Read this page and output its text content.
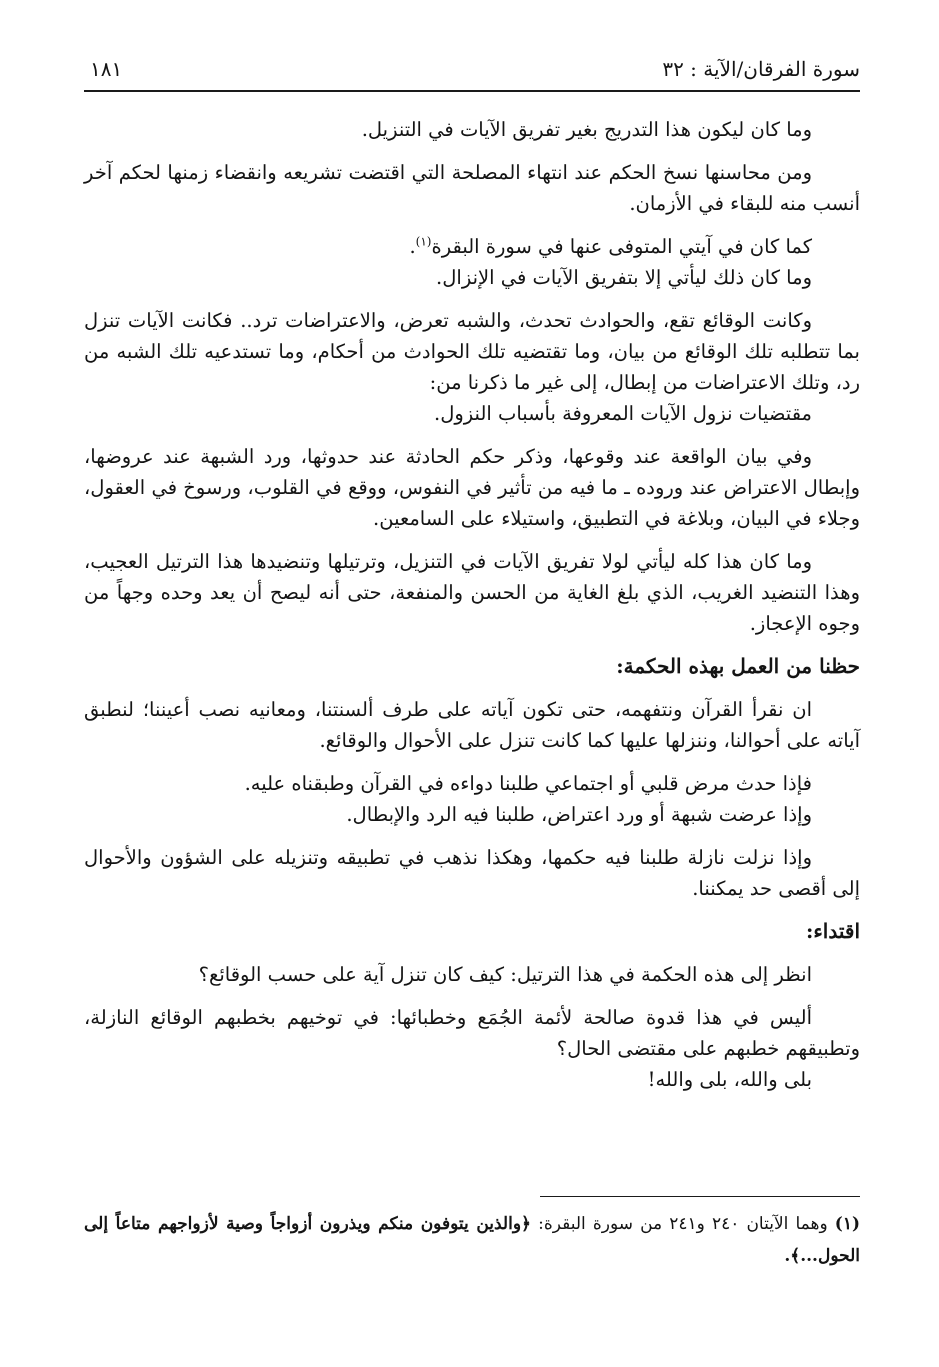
سورة الفرقان/الآية : ٣٢
١٨١

وما كان ليكون هذا التدريج بغير تفريق الآيات في التنزيل.

ومن محاسنها نسخ الحكم عند انتهاء المصلحة التي اقتضت تشريعه وانقضاء زمنها لحكم آخر أنسب منه للبقاء في الأزمان.

كما كان في آيتي المتوفى عنها في سورة البقرة$^{(١)}$.

وما كان ذلك ليأتي إلا بتفريق الآيات في الإنزال.

وكانت الوقائع تقع، والحوادث تحدث، والشبه تعرض، والاعتراضات ترد.. فكانت الآيات تنزل بما تتطلبه تلك الوقائع من بيان، وما تقتضيه تلك الحوادث من أحكام، وما تستدعيه تلك الشبه من رد، وتلك الاعتراضات من إبطال، إلى غير ما ذكرنا من:

مقتضيات نزول الآيات المعروفة بأسباب النزول.

وفي بيان الواقعة عند وقوعها، وذكر حكم الحادثة عند حدوثها، ورد الشبهة عند عروضها، وإبطال الاعتراض عند وروده ـ ما فيه من تأثير في النفوس، ووقع في القلوب، ورسوخ في العقول، وجلاء في البيان، وبلاغة في التطبيق، واستيلاء على السامعين.

وما كان هذا كله ليأتي لولا تفريق الآيات في التنزيل، وترتيلها وتنضيدها هذا الترتيل العجيب، وهذا التنضيد الغريب، الذي بلغ الغاية من الحسن والمنفعة، حتى أنه ليصح أن يعد وحده وجهاً من وجوه الإعجاز.

حظنا من العمل بهذه الحكمة:

ان نقرأ القرآن ونتفهمه، حتى تكون آياته على طرف ألسنتنا، ومعانيه نصب أعيننا؛ لنطبق آياته على أحوالنا، وننزلها عليها كما كانت تنزل على الأحوال والوقائع.

فإذا حدث مرض قلبي أو اجتماعي طلبنا دواءه في القرآن وطبقناه عليه.

وإذا عرضت شبهة أو ورد اعتراض، طلبنا فيه الرد والإبطال.

وإذا نزلت نازلة طلبنا فيه حكمها، وهكذا نذهب في تطبيقه وتنزيله على الشؤون والأحوال إلى أقصى حد يمكننا.

اقتداء:

انظر إلى هذه الحكمة في هذا الترتيل: كيف كان تنزل آية على حسب الوقائع؟

أليس في هذا قدوة صالحة لأئمة الجُمَع وخطبائها: في توخيهم بخطبهم الوقائع النازلة، وتطبيقهم خطبهم على مقتضى الحال؟

بلى والله، بلى والله!

(١) وهما الآيتان ٢٤٠ و٢٤١ من سورة البقرة: ﴿والذين يتوفون منكم ويذرون أزواجاً وصية لأزواجهم متاعاً إلى الحول...﴾.
